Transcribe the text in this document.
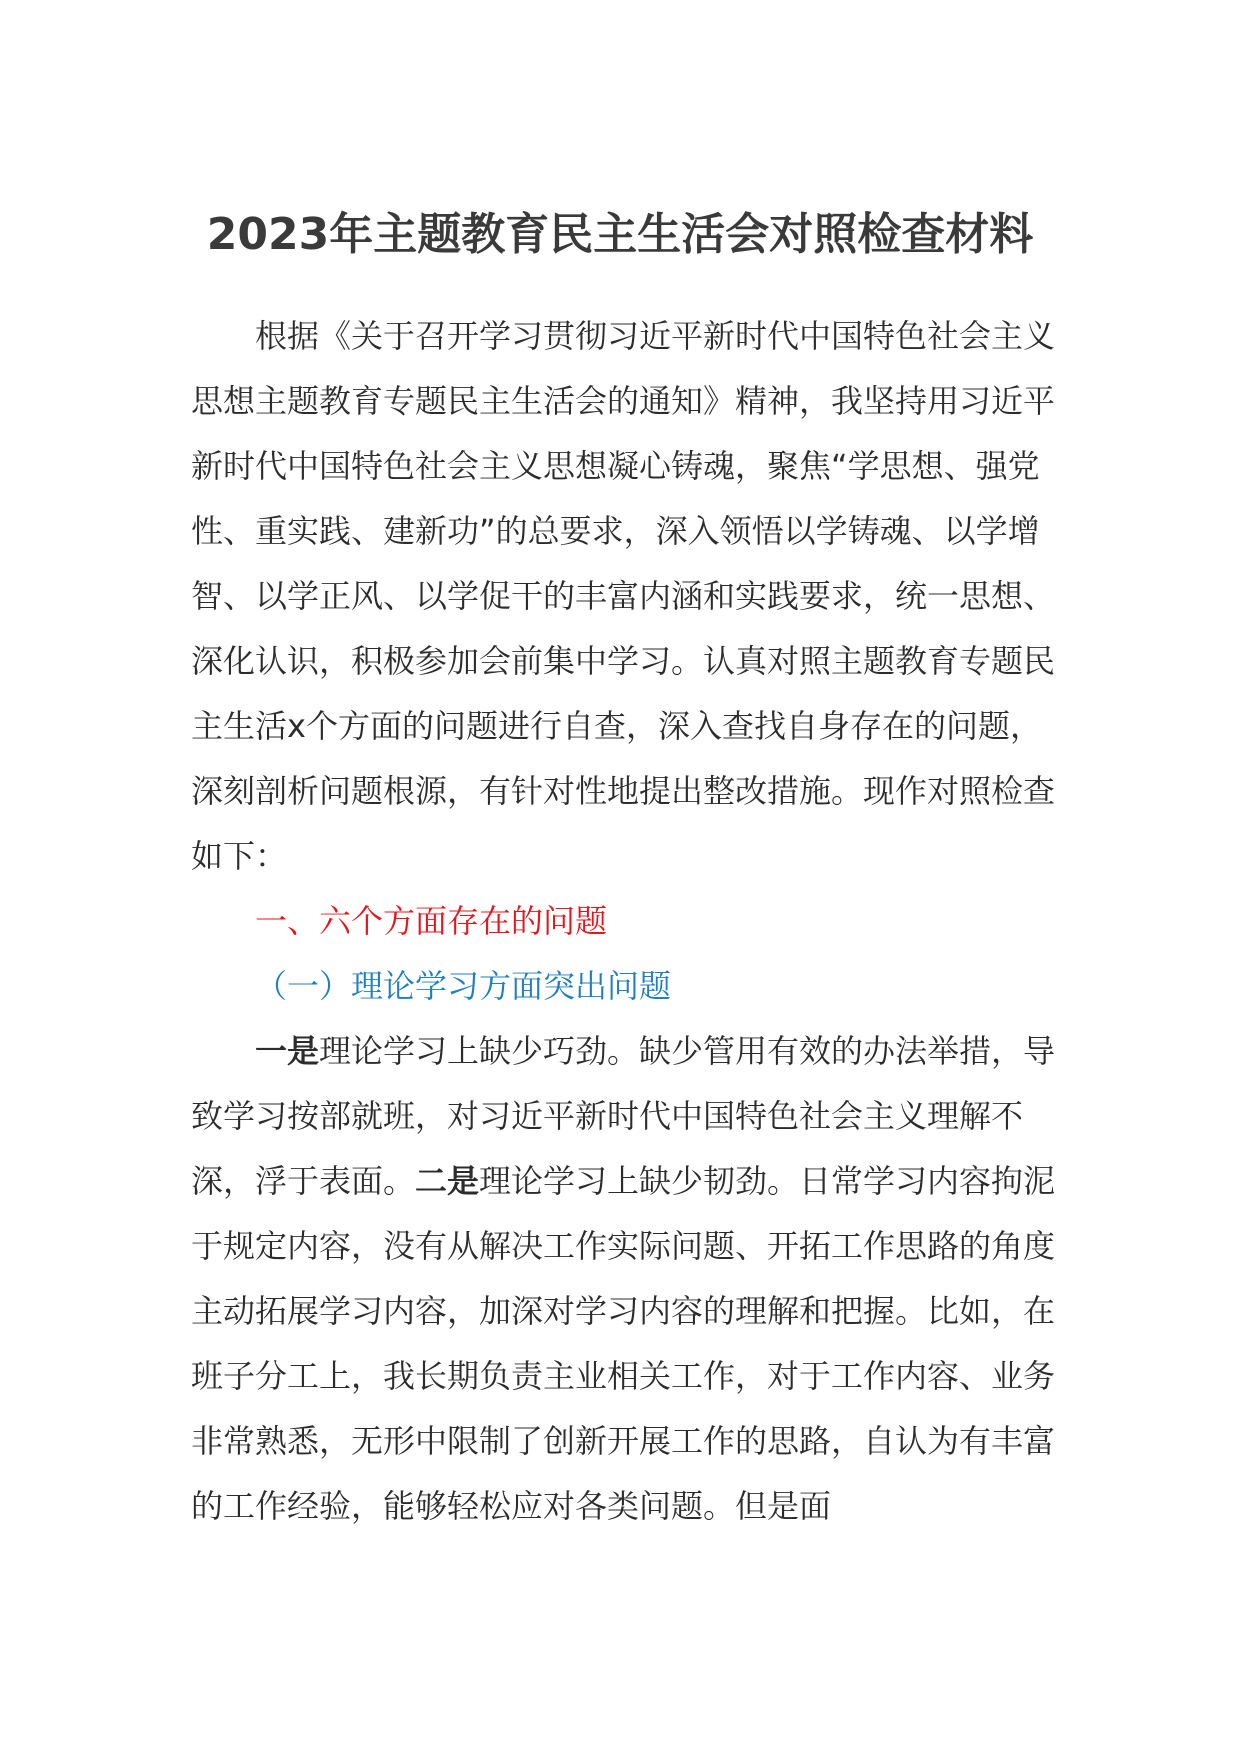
2023年主题教育民主生活会对照检查材料

根据《关于召开学习贯彻习近平新时代中国特色社会主义思想主题教育专题民主生活会的通知》精神，我坚持用习近平新时代中国特色社会主义思想凝心铸魂，聚焦“学思想、强党性、重实践、建新功”的总要求，深入领悟以学铸魂、以学增智、以学正风、以学促干的丰富内涵和实践要求，统一思想、深化认识，积极参加会前集中学习。认真对照主题教育专题民主生活x个方面的问题进行自查，深入查找自身存在的问题，深刻剖析问题根源，有针对性地提出整改措施。现作对照检查如下：

一、六个方面存在的问题

（一）理论学习方面突出问题

一是理论学习上缺少巧劲。缺少管用有效的办法举措，导致学习按部就班，对习近平新时代中国特色社会主义理解不深，浮于表面。二是理论学习上缺少韧劲。日常学习内容拘泥于规定内容，没有从解决工作实际问题、开拓工作思路的角度主动拓展学习内容，加深对学习内容的理解和把握。比如，在班子分工上，我长期负责主业相关工作，对于工作内容、业务非常熟悉，无形中限制了创新开展工作的思路，自认为有丰富的工作经验，能够轻松应对各类问题。但是面
